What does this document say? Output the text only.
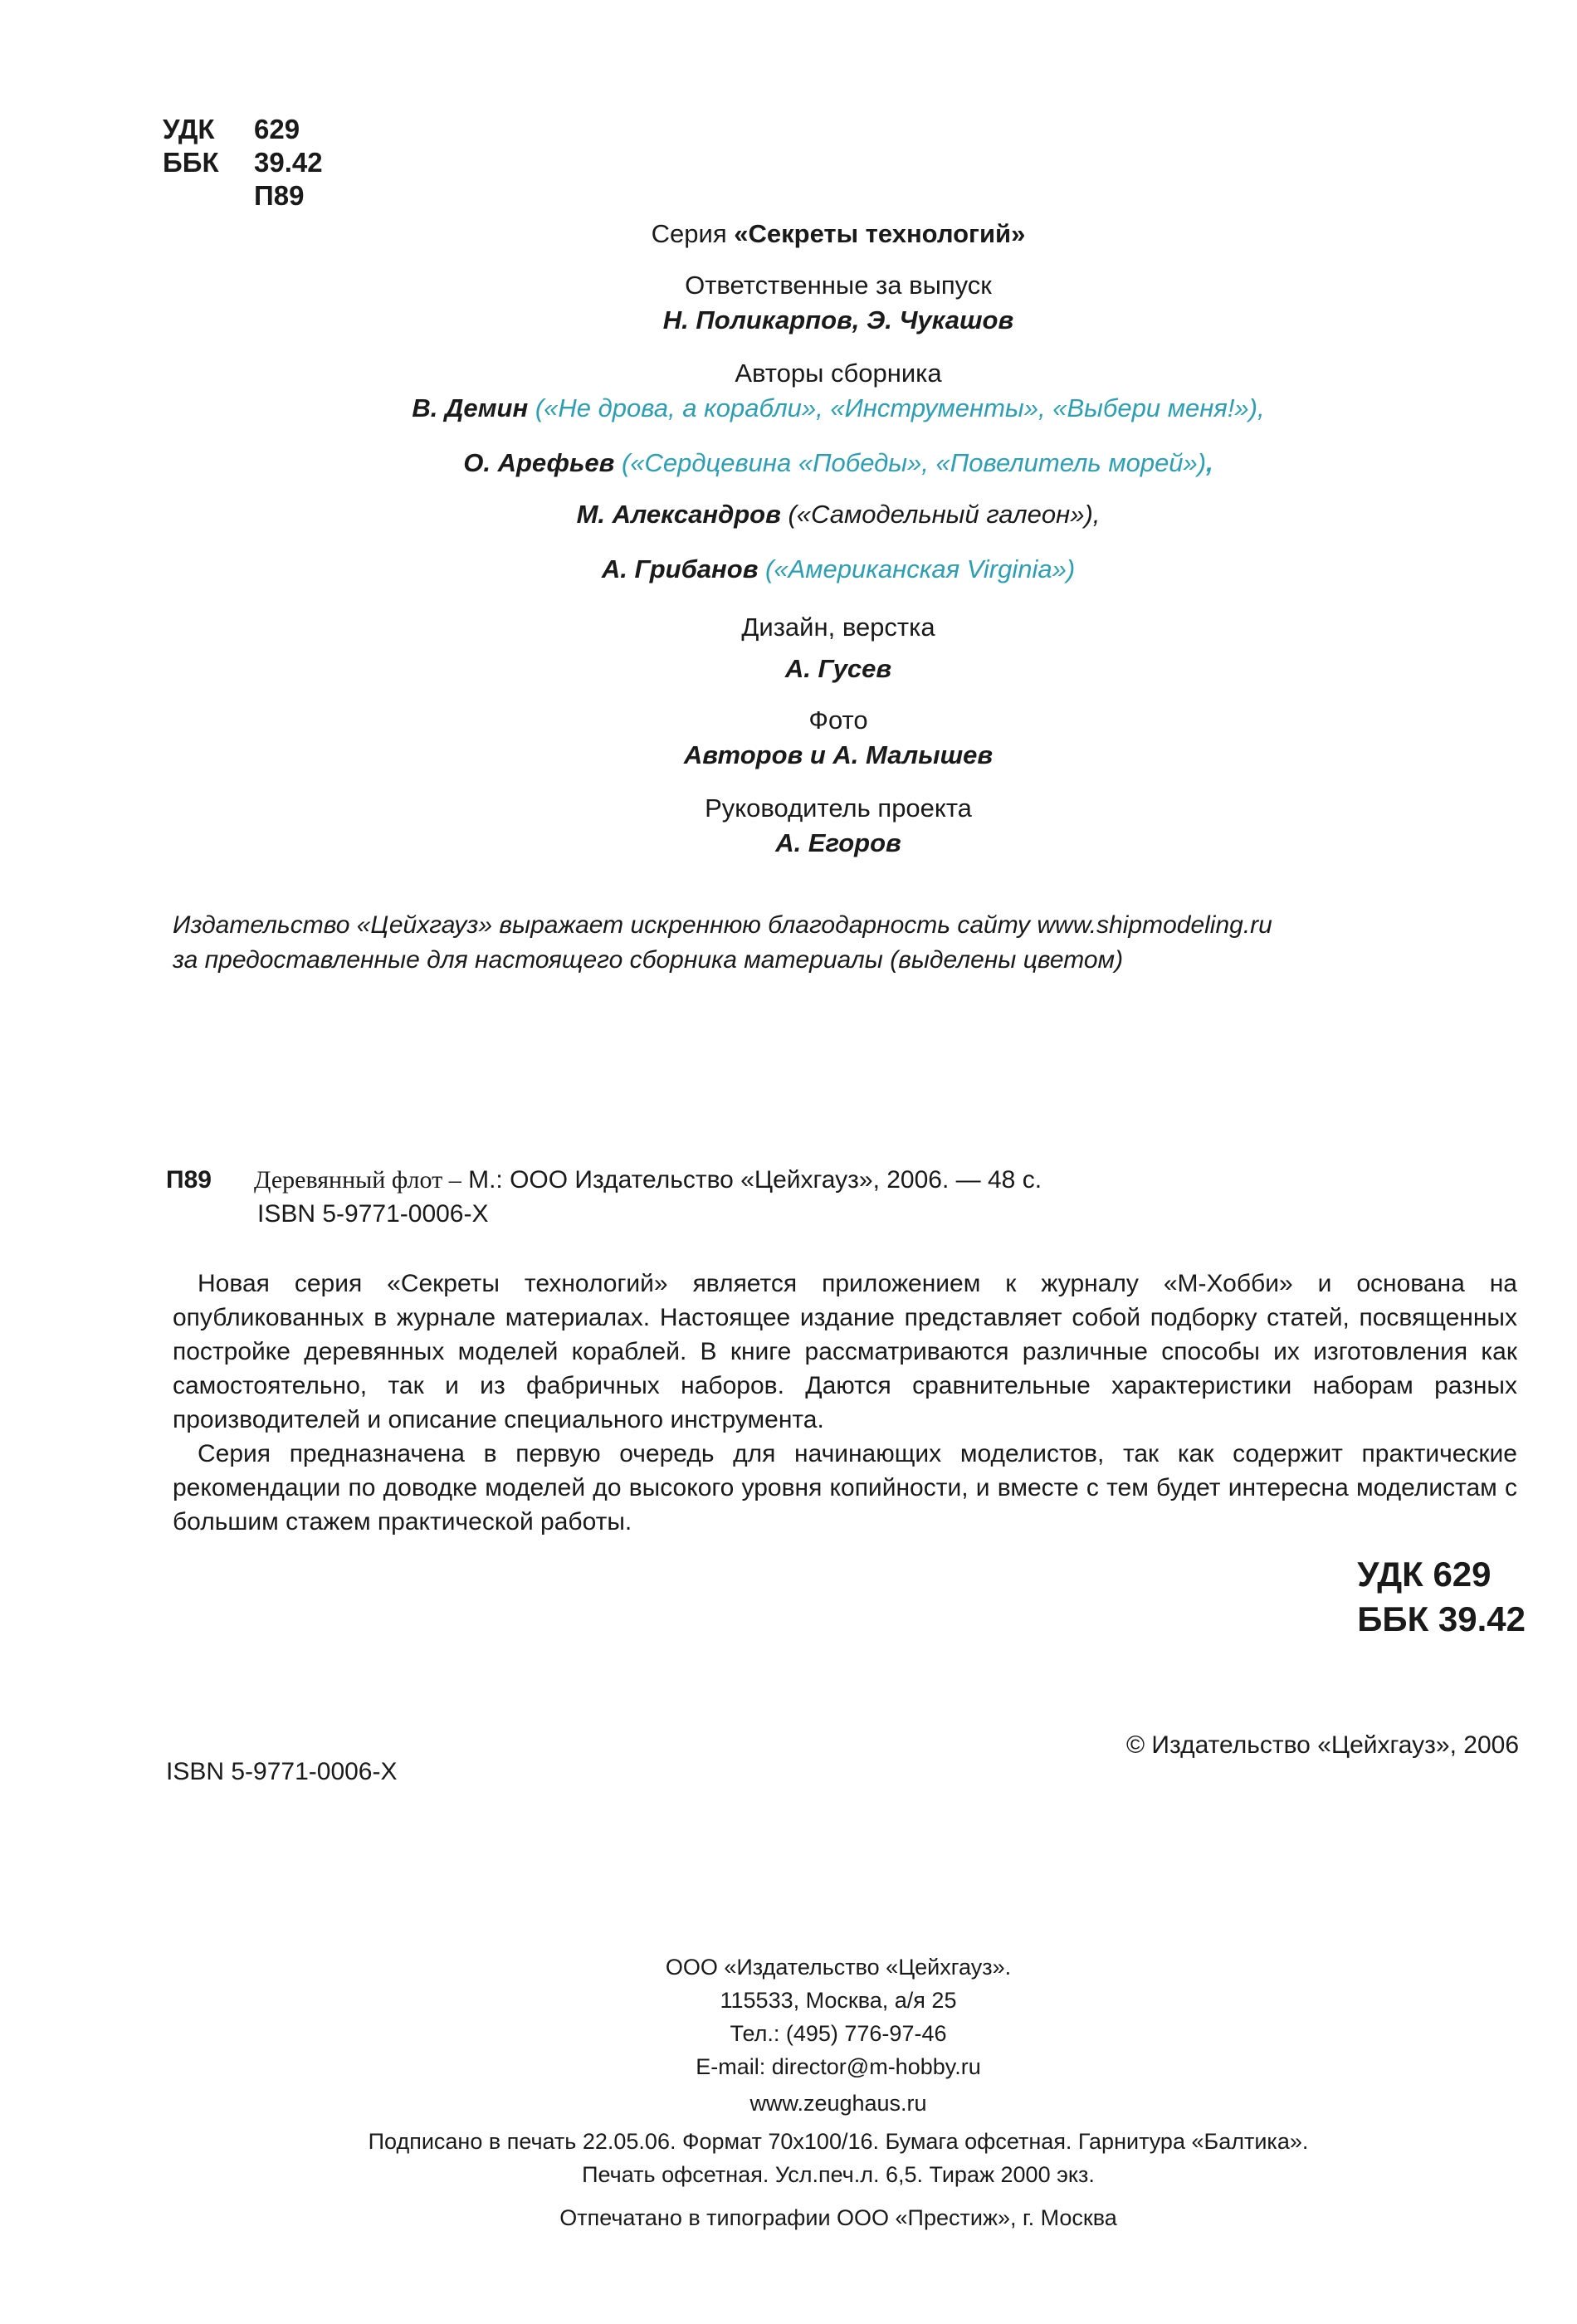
УДК 629
ББК 39.42
П89
Серия «Секреты технологий»
Ответственные за выпуск
Н. Поликарпов, Э. Чукашов
Авторы сборника
В. Демин («Не дрова, а корабли», «Инструменты», «Выбери меня!»),
О. Арефьев («Сердцевина «Победы», «Повелитель морей»),
М. Александров («Самодельный галеон»),
А. Грибанов («Американская Virginia»)
Дизайн, верстка
А. Гусев
Фото
Авторов и А. Малышев
Руководитель проекта
А. Егоров
Издательство «Цейхгауз» выражает искреннюю благодарность сайту www.shipmodeling.ru
за предоставленные для настоящего сборника материалы (выделены цветом)
П89 Деревянный флот – М.: ООО Издательство «Цейхгауз», 2006. — 48 с.
ISBN 5-9771-0006-X

Новая серия «Секреты технологий» является приложением к журналу «М-Хобби» и основана на опубликованных в журнале материалах. Настоящее издание представляет собой подборку статей, посвященных постройке деревянных моделей кораблей. В книге рассматриваются различные способы их изготовления как самостоятельно, так и из фабричных наборов. Даются сравнительные характеристики наборам разных производителей и описание специального инструмента.

Серия предназначена в первую очередь для начинающих моделистов, так как содержит практические рекомендации по доводке моделей до высокого уровня копийности, и вместе с тем будет интересна моделистам с большим стажем практической работы.

УДК 629
ББК 39.42
© Издательство «Цейхгауз», 2006
ISBN 5-9771-0006-X
ООО «Издательство «Цейхгауз».
115533, Москва, а/я 25
Тел.: (495) 776-97-46
E-mail: director@m-hobby.ru
www.zeughaus.ru
Подписано в печать 22.05.06. Формат 70х100/16. Бумага офсетная. Гарнитура «Балтика».
Печать офсетная. Усл.печ.л. 6,5. Тираж 2000 экз.
Отпечатано в типографии ООО «Престиж», г. Москва
